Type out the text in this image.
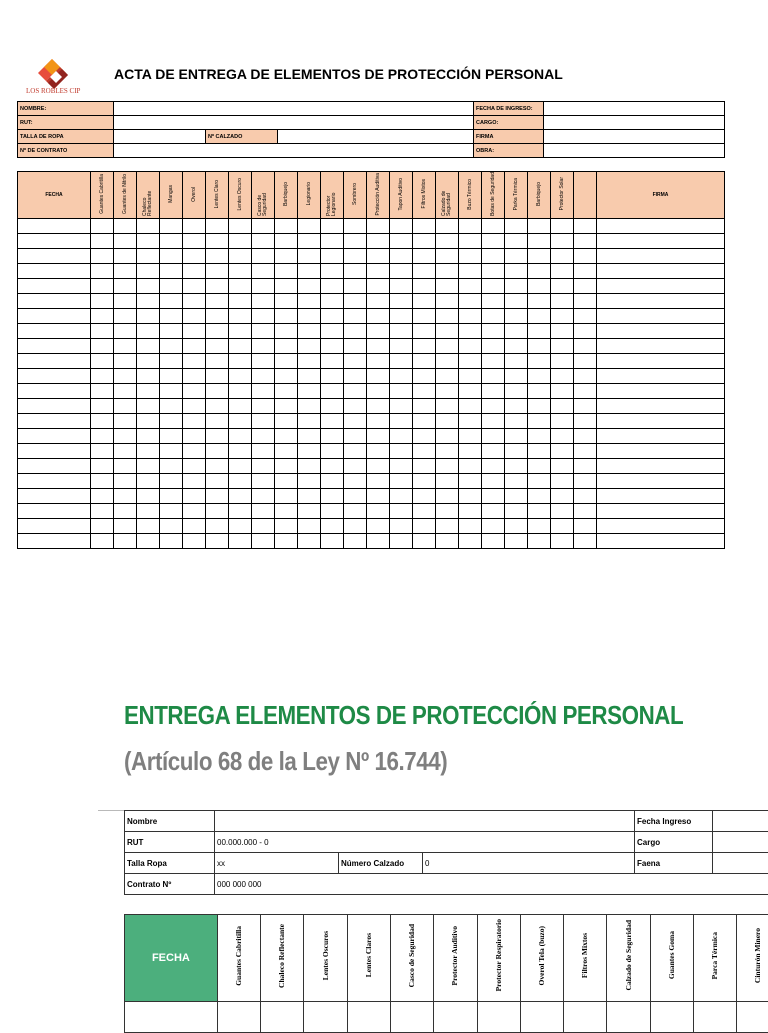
LOS ROBLES CIP
ACTA DE ENTREGA DE ELEMENTOS DE PROTECCIÓN PERSONAL
NOMBRE:				FECHA DE INGRESO:	
RUT:				CARGO:	
TALLA DE ROPA		Nº CALZADO		FIRMA	
Nº DE CONTRATO				OBRA:	
FECHA	Guantes Cabritilla	Guantes de Nitrilo	Chaleco Reflectante	Mangas	Overol	Lentes Claro	Lentes Oscuro	Casco de Seguridad	Barbiquejo	Legionario	Protector Legionario	Sombrero	Protección Auditiva	Tapon Auditivo	Filtros Mixtos	Calzado de Seguridad	Buzo Térmico	Botas de Seguridad	Parka Térmica	Barbiquejo	Protector Solar		FIRMA

ENTREGA ELEMENTOS DE PROTECCIÓN PERSONAL
(Artículo 68 de la Ley Nº 16.744)
Nombre				Fecha Ingreso	
RUT	00.000.000 - 0			Cargo	
Talla Ropa	xx	Número Calzado	0	Faena	
Contrato Nº	000 000 000				
FECHA	Guantes Cabritilla	Chaleco Reflectante	Lentes Oscuros	Lentes Claros	Casco de Seguridad	Protector Auditivo	Protector Respiratorio	Overol Tela (buzo)	Filtros Mixtos	Calzado de Seguridad	Guantes Goma	Parca Térmica	Cinturón Minero	
